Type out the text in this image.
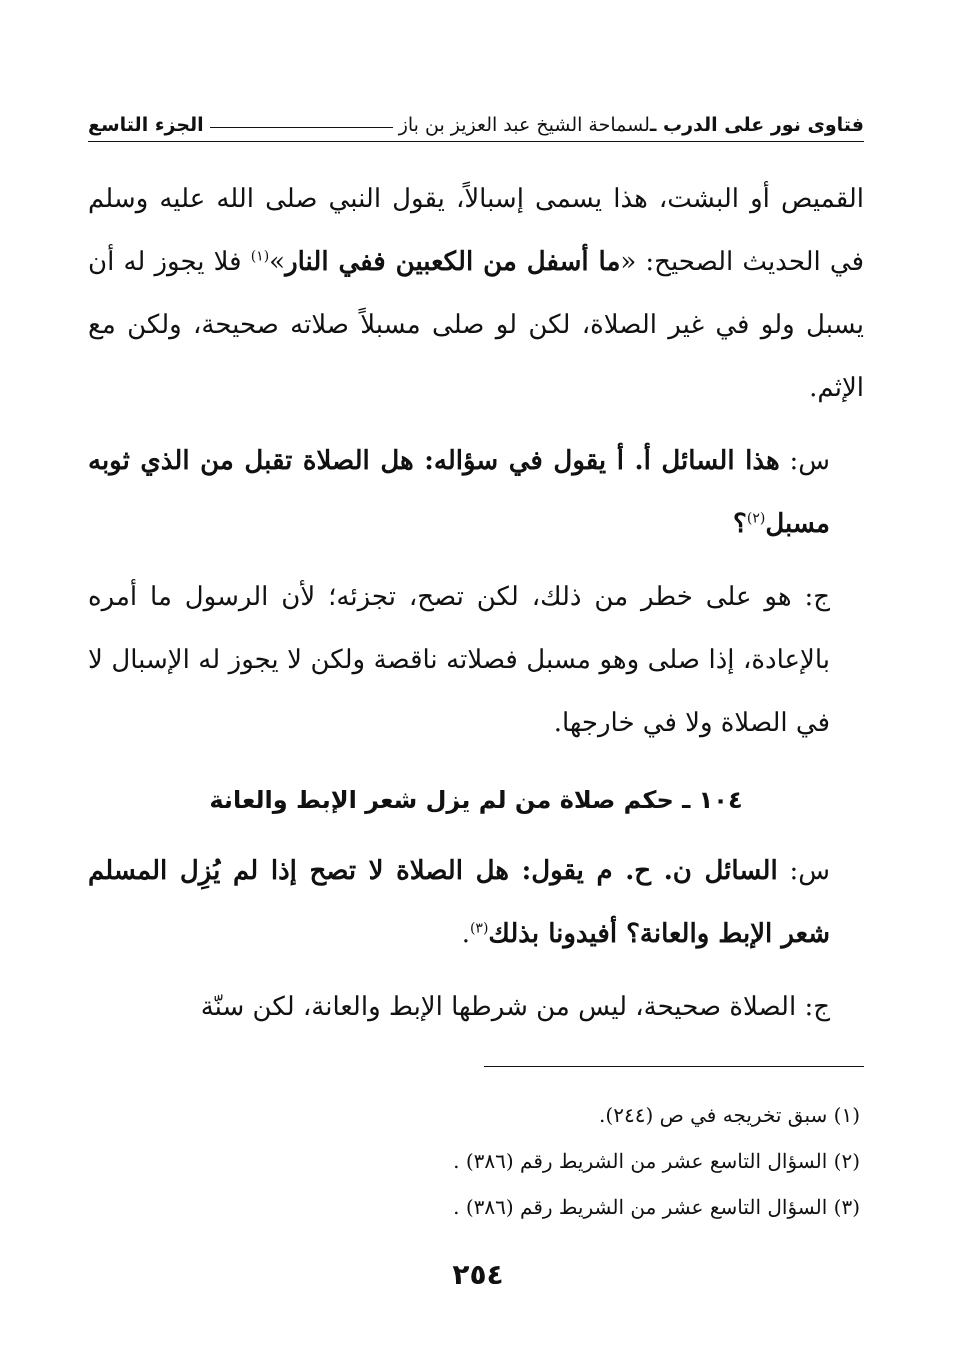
فتاوى نور على الدرب ـ
لسماحة الشيخ عبد العزيز بن باز
الجزء التاسع

القميص أو البشت، هذا يسمى إسبالاً، يقول النبي صلى الله عليه وسلم في الحديث الصحيح: «ما أسفل من الكعبين ففي النار»$^{(١)}$ فلا يجوز له أن يسبل ولو في غير الصلاة، لكن لو صلى مسبلاً صلاته صحيحة، ولكن مع الإثم.

س: هذا السائل أ. أ يقول في سؤاله: هل الصلاة تقبل من الذي ثوبه مسبل$^{(٢)}$؟

ج: هو على خطر من ذلك، لكن تصح، تجزئه؛ لأن الرسول ما أمره بالإعادة، إذا صلى وهو مسبل فصلاته ناقصة ولكن لا يجوز له الإسبال لا في الصلاة ولا في خارجها.

١٠٤ ـ حكم صلاة من لم يزل شعر الإبط والعانة

س: السائل ن. ح. م يقول: هل الصلاة لا تصح إذا لم يُزِل المسلم شعر الإبط والعانة؟ أفيدونا بذلك$^{(٣)}$.

ج: الصلاة صحيحة، ليس من شرطها الإبط والعانة، لكن سنّة

(١) سبق تخريجه في ص (٢٤٤).
(٢) السؤال التاسع عشر من الشريط رقم (٣٨٦) .
(٣) السؤال التاسع عشر من الشريط رقم (٣٨٦) .
٢٥٤
